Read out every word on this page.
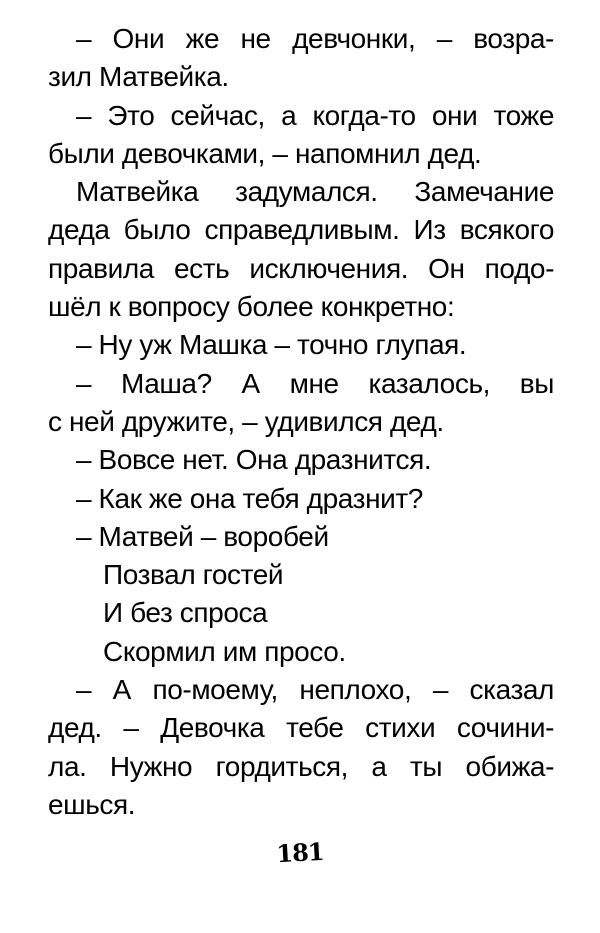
– Они же не девчонки, – возра-
зил Матвейка.
– Это сейчас, а когда-то они тоже
были девочками, – напомнил дед.
Матвейка задумался. Замечание
деда было справедливым. Из всякого
правила есть исключения. Он подо-
шёл к вопросу более конкретно:
– Ну уж Машка – точно глупая.
– Маша? А мне казалось, вы
с ней дружите, – удивился дед.
– Вовсе нет. Она дразнится.
– Как же она тебя дразнит?
– Матвей – воробей
Позвал гостей
И без спроса
Скормил им просо.
– А по-моему, неплохо, – сказал
дед. – Девочка тебе стихи сочини-
ла. Нужно гордиться, а ты обижа-
ешься.
181
